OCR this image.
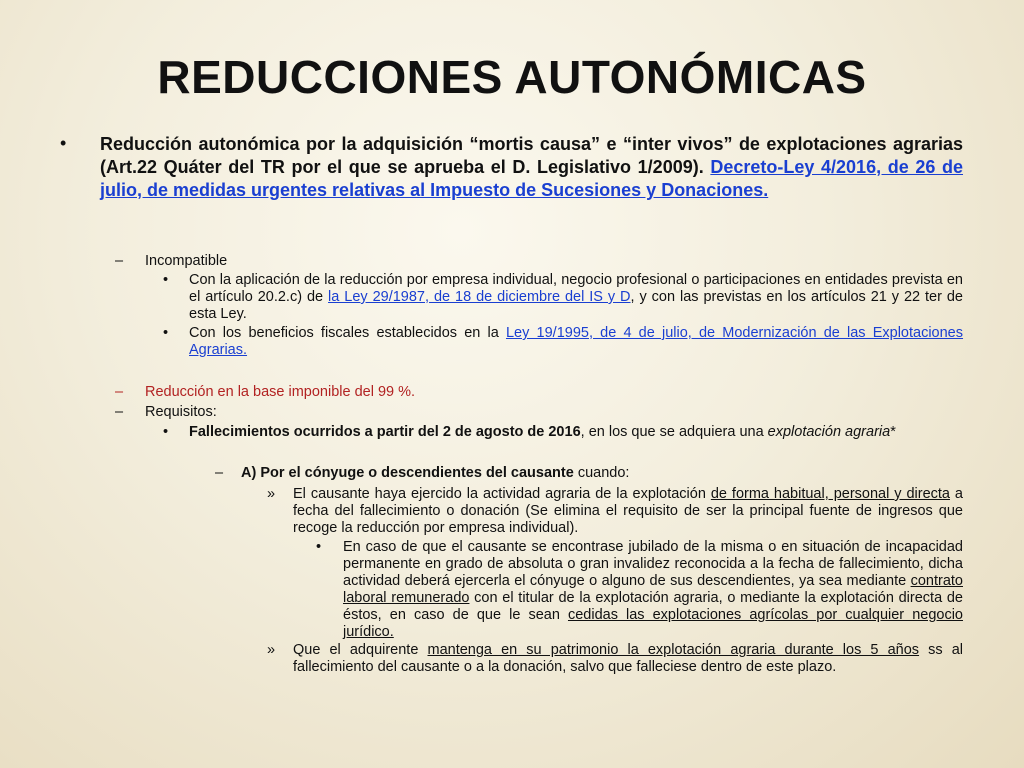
REDUCCIONES AUTONÓMICAS
• Reducción autonómica por la adquisición “mortis causa” e “inter vivos” de explotaciones agrarias (Art.22 Quáter del TR por el que se aprueba el D. Legislativo 1/2009). Decreto-Ley 4/2016, de 26 de julio, de medidas urgentes relativas al Impuesto de Sucesiones y Donaciones.
– Incompatible
• Con la aplicación de la reducción por empresa individual, negocio profesional o participaciones en entidades prevista en el artículo 20.2.c) de la Ley 29/1987, de 18 de diciembre del IS y D, y con las previstas en los artículos 21 y 22 ter de esta Ley.
• Con los beneficios fiscales establecidos en la Ley 19/1995, de 4 de julio, de Modernización de las Explotaciones Agrarias.
– Reducción en la base imponible del 99 %.
– Requisitos:
• Fallecimientos ocurridos a partir del 2 de agosto de 2016, en los que se adquiera una explotación agraria*
– A) Por el cónyuge o descendientes del causante cuando:
» El causante haya ejercido la actividad agraria de la explotación de forma habitual, personal y directa a fecha del fallecimiento o donación (Se elimina el requisito de ser la principal fuente de ingresos que recoge la reducción por empresa individual).
• En caso de que el causante se encontrase jubilado de la misma o en situación de incapacidad permanente en grado de absoluta o gran invalidez reconocida a la fecha de fallecimiento, dicha actividad deberá ejercerla el cónyuge o alguno de sus descendientes, ya sea mediante contrato laboral remunerado con el titular de la explotación agraria, o mediante la explotación directa de éstos, en caso de que le sean cedidas las explotaciones agrícolas por cualquier negocio jurídico.
» Que el adquirente mantenga en su patrimonio la explotación agraria durante los 5 años ss al fallecimiento del causante o a la donación, salvo que falleciese dentro de este plazo.
